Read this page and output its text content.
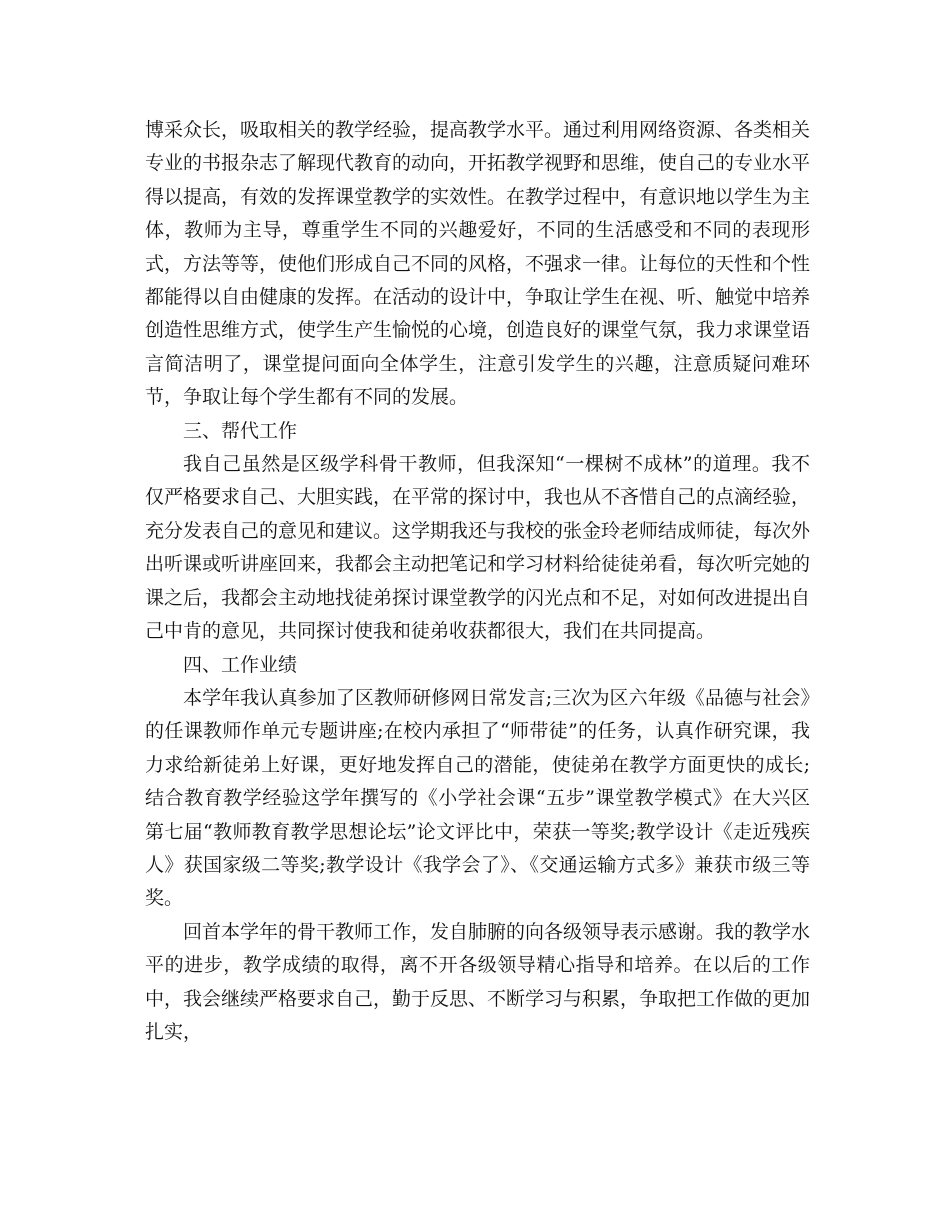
博采众长，吸取相关的教学经验，提高教学水平。通过利用网络资源、各类相关专业的书报杂志了解现代教育的动向，开拓教学视野和思维，使自己的专业水平得以提高，有效的发挥课堂教学的实效性。在教学过程中，有意识地以学生为主体，教师为主导，尊重学生不同的兴趣爱好，不同的生活感受和不同的表现形式，方法等等，使他们形成自己不同的风格，不强求一律。让每位的天性和个性都能得以自由健康的发挥。在活动的设计中，争取让学生在视、听、触觉中培养创造性思维方式，使学生产生愉悦的心境，创造良好的课堂气氛，我力求课堂语言简洁明了，课堂提问面向全体学生，注意引发学生的兴趣，注意质疑问难环节，争取让每个学生都有不同的发展。

三、帮代工作

我自己虽然是区级学科骨干教师，但我深知“一棵树不成林”的道理。我不仅严格要求自己、大胆实践，在平常的探讨中，我也从不吝惜自己的点滴经验，充分发表自己的意见和建议。这学期我还与我校的张金玲老师结成师徒，每次外出听课或听讲座回来，我都会主动把笔记和学习材料给徒徒弟看，每次听完她的课之后，我都会主动地找徒弟探讨课堂教学的闪光点和不足，对如何改进提出自己中肯的意见，共同探讨使我和徒弟收获都很大，我们在共同提高。

四、工作业绩

本学年我认真参加了区教师研修网日常发言;三次为区六年级《品德与社会》的任课教师作单元专题讲座;在校内承担了“师带徒”的任务，认真作研究课，我力求给新徒弟上好课，更好地发挥自己的潜能，使徒弟在教学方面更快的成长;结合教育教学经验这学年撰写的《小学社会课“五步”课堂教学模式》在大兴区第七届“教师教育教学思想论坛”论文评比中，荣获一等奖;教学设计《走近残疾人》获国家级二等奖;教学设计《我学会了》、《交通运输方式多》兼获市级三等奖。

回首本学年的骨干教师工作，发自肺腑的向各级领导表示感谢。我的教学水平的进步，教学成绩的取得，离不开各级领导精心指导和培养。在以后的工作中，我会继续严格要求自己，勤于反思、不断学习与积累，争取把工作做的更加扎实，
